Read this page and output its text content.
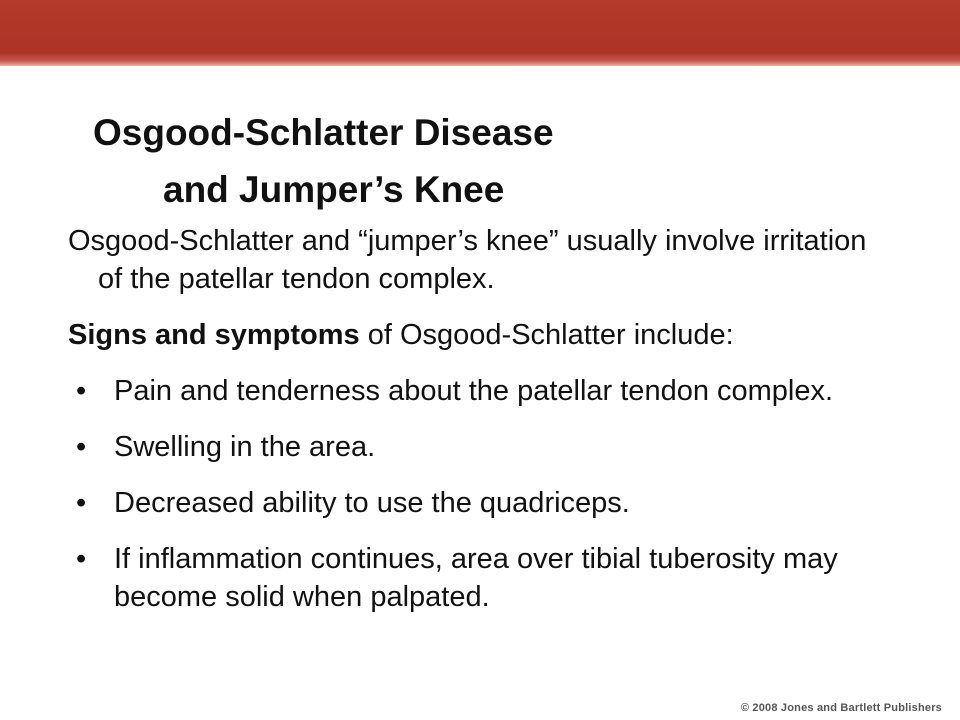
Osgood-Schlatter Disease
and Jumper’s Knee

Osgood-Schlatter and “jumper’s knee” usually involve irritation of the patellar tendon complex.

Signs and symptoms of Osgood-Schlatter include:

• Pain and tenderness about the patellar tendon complex.
• Swelling in the area.
• Decreased ability to use the quadriceps.
• If inflammation continues, area over tibial tuberosity may become solid when palpated.
© 2008 Jones and Bartlett Publishers
